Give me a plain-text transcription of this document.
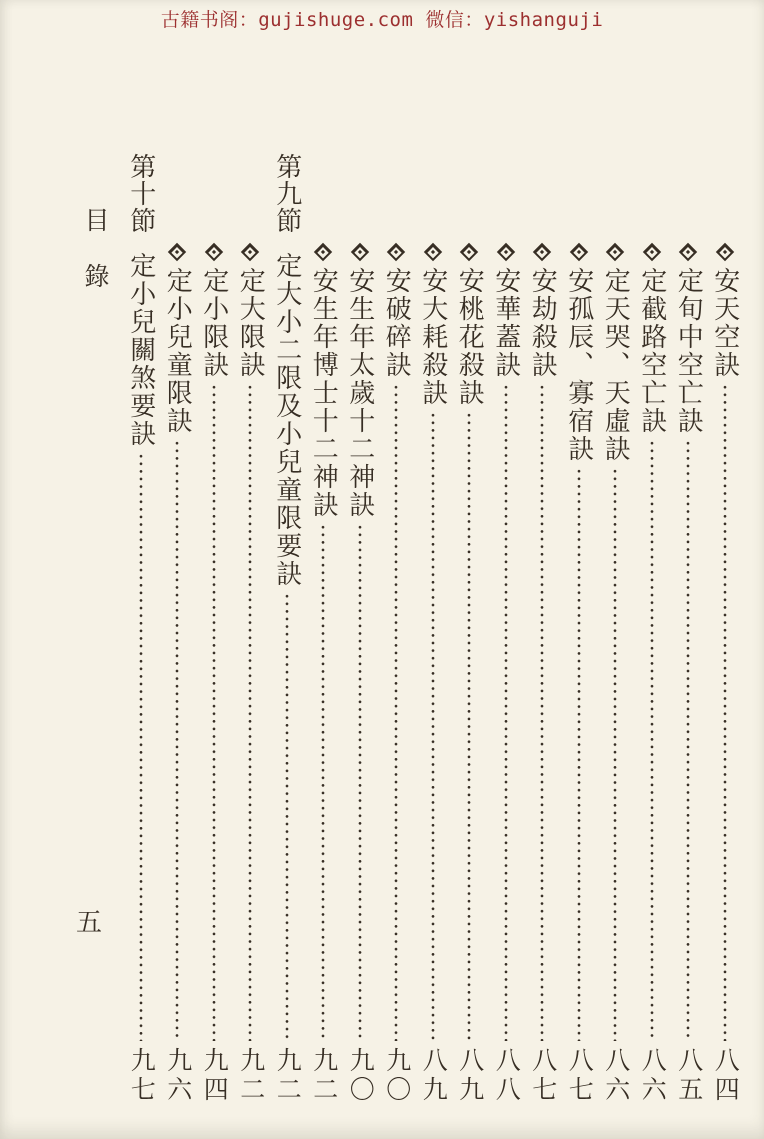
古籍书阁：gujishuge.com 微信：yishanguji
目錄
五
安天空訣
八四
定旬中空亡訣
八五
定截路空亡訣
八六
定天哭、天虛訣
八六
安孤辰、寡宿訣
八七
安劫殺訣
八七
安華蓋訣
八八
安桃花殺訣
八九
安大耗殺訣
八九
安破碎訣
九〇
安生年太歲十二神訣
九〇
安生年博士十二神訣
九二
第九節
定大小二限及小兒童限要訣
九二
定大限訣
九二
定小限訣
九四
定小兒童限訣
九六
第十節
定小兒關煞要訣
九七
